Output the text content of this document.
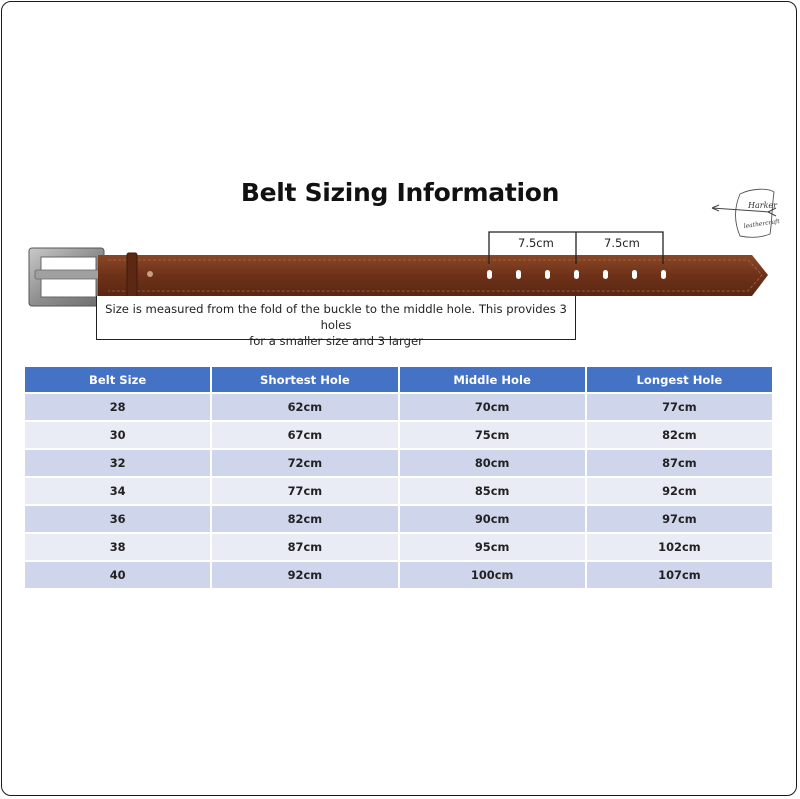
Belt Sizing Information
7.5cm	7.5cm
Size is measured from the fold of the buckle to the middle hole. This provides 3 holes
for a smaller size and 3 larger
Harker
leathercraft
Belt Size	Shortest Hole	Middle Hole	Longest Hole
28	62cm	70cm	77cm
30	67cm	75cm	82cm
32	72cm	80cm	87cm
34	77cm	85cm	92cm
36	82cm	90cm	97cm
38	87cm	95cm	102cm
40	92cm	100cm	107cm
